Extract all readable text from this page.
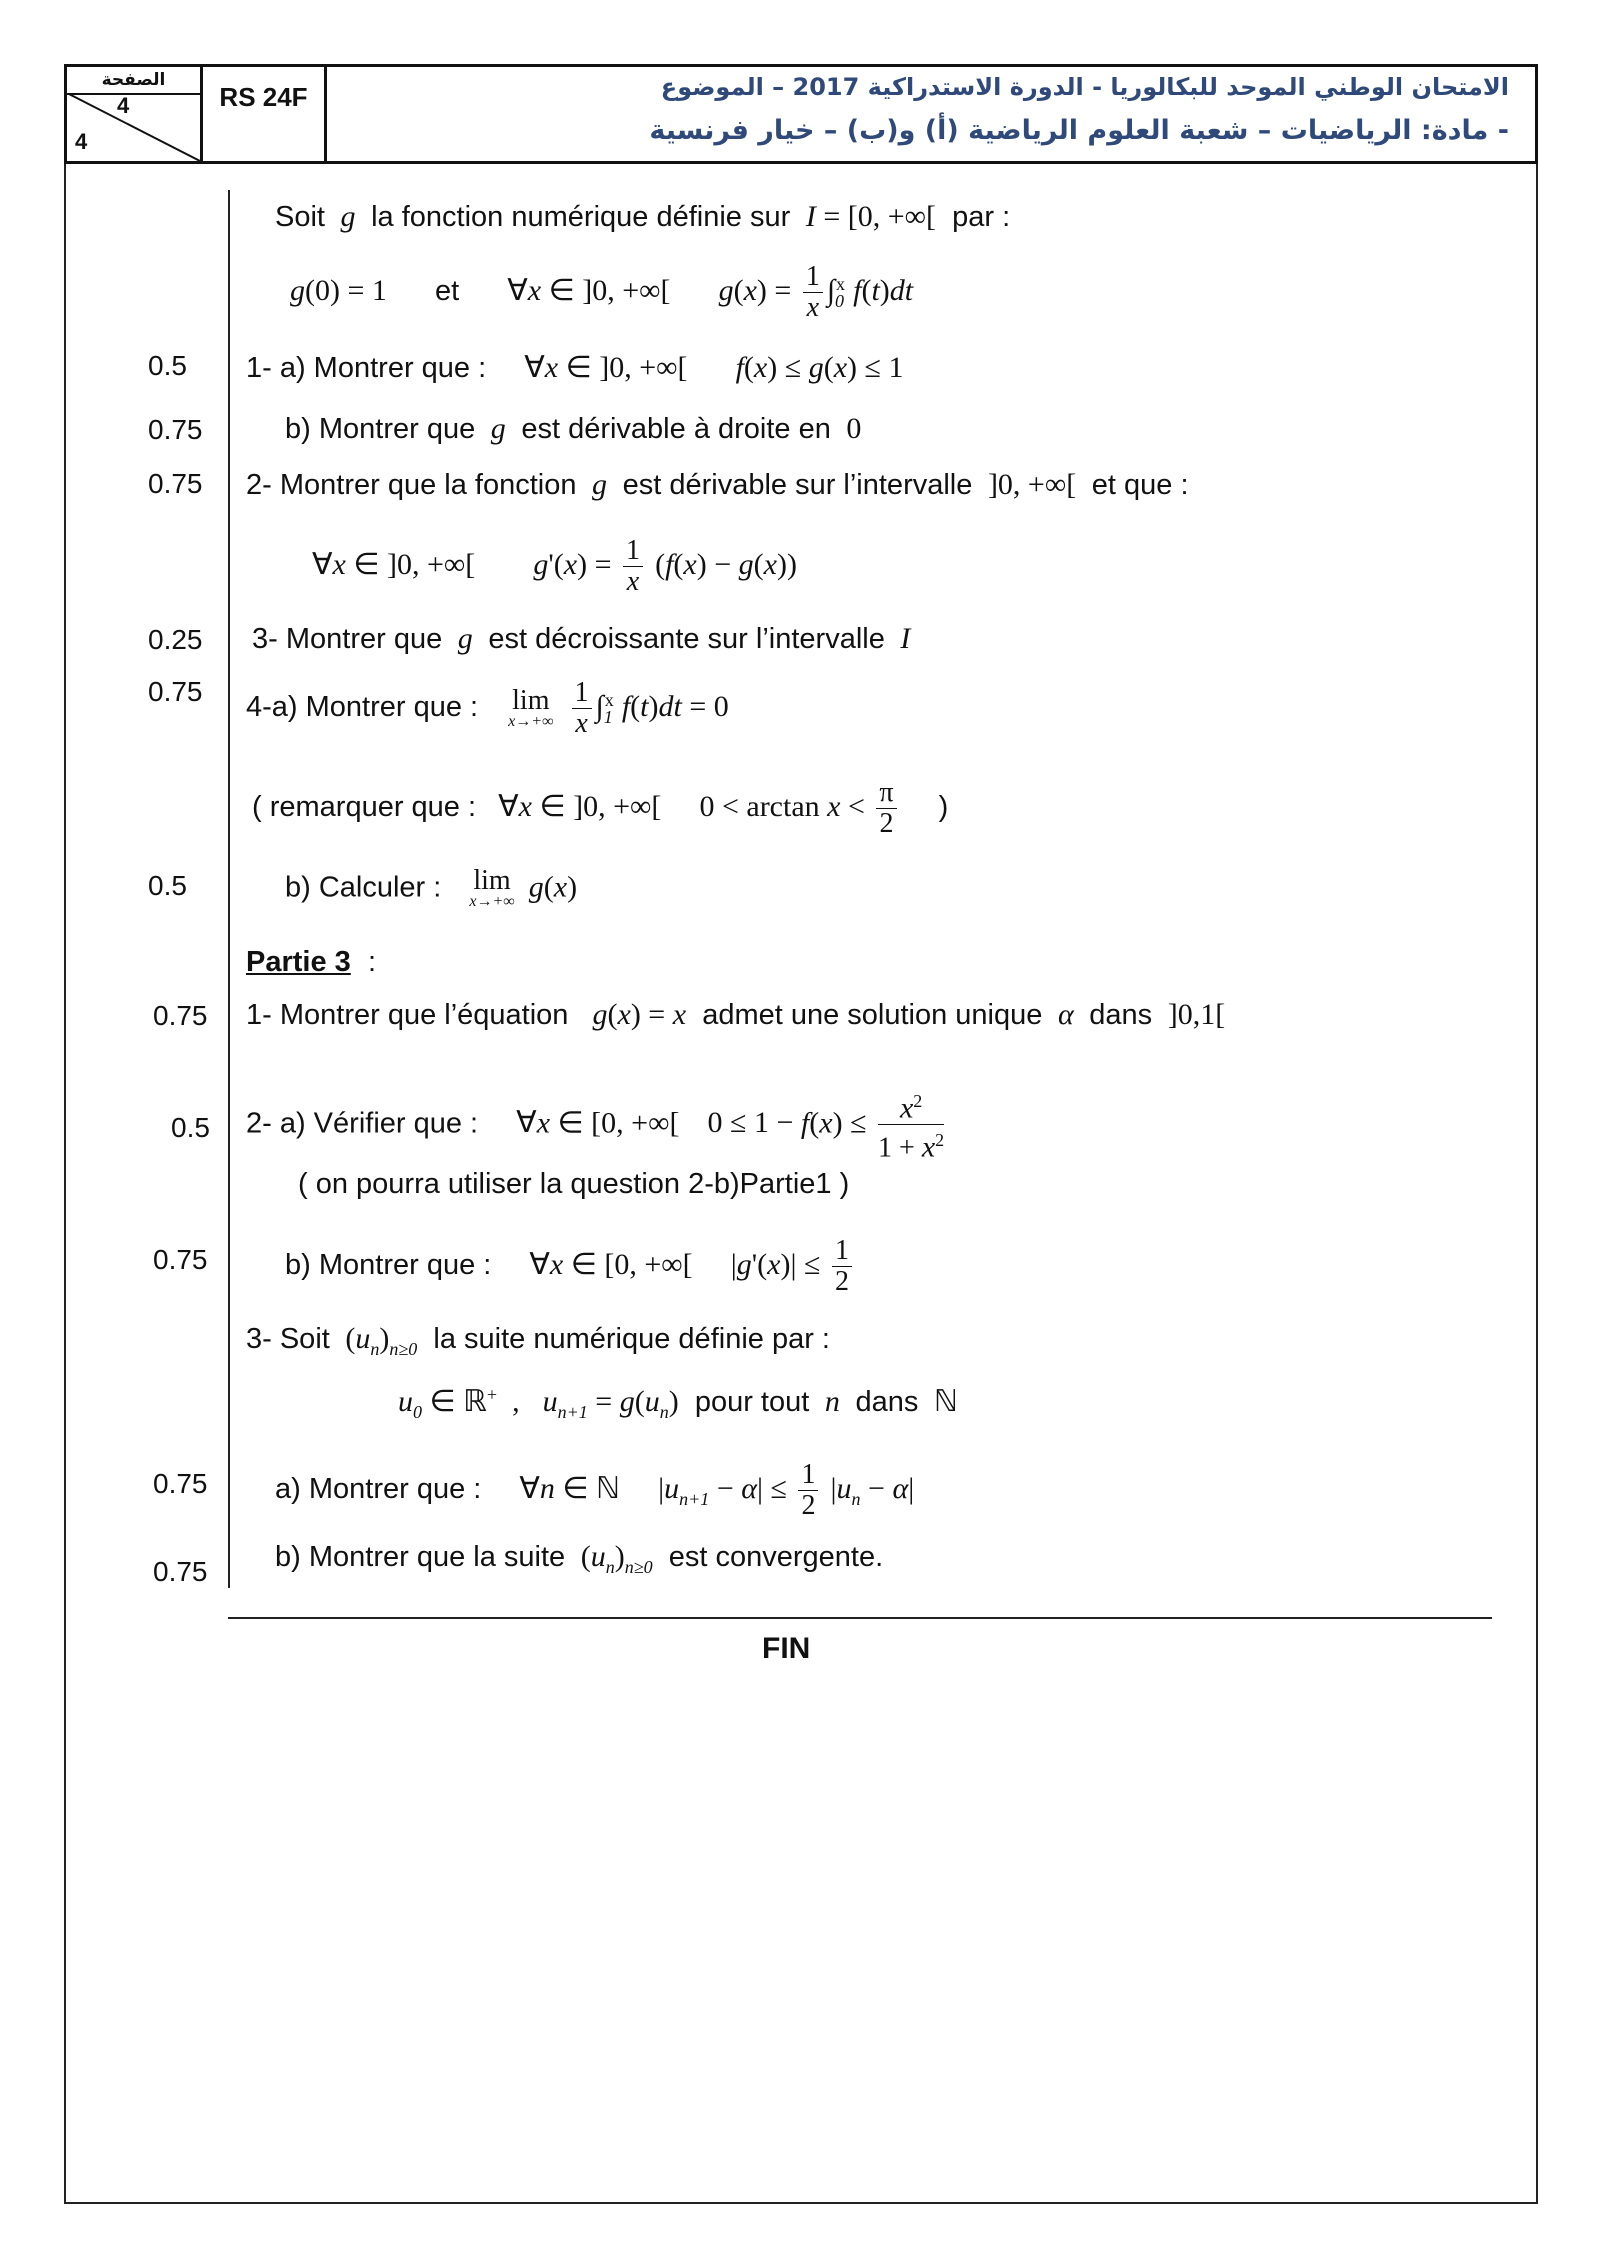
الصفحة
4
4
RS 24F	الامتحان الوطني الموحد للبكالوريا - الدورة الاستدراكية 2017 – الموضوع
- مادة: الرياضيات – شعبة العلوم الرياضية (أ) و(ب) – خيار فرنسية
0.5
0.75
0.75
0.25
0.75
0.5
0.75
0.5
0.75
0.75
0.75
Soit  g  la fonction numérique définie sur  I = [0, +∞[ par :
g(0) = 1 et ∀x ∈ ]0, +∞[ $g(x) = \frac{1}{x} \int_0^x$ f(t)dt
1- a) Montrer que : ∀x ∈ ]0, +∞[ f(x) ≤ g(x) ≤ 1
b) Montrer que  g  est dérivable à droite en  0
2- Montrer que la fonction  g  est dérivable sur l’intervalle  ]0, +∞[  et que :
∀x ∈ ]0, +∞[ $g'(x) = \frac{1}{x} (f(x) - g(x))$
3- Montrer que  g  est décroissante sur l’intervalle  I
4-a) Montrer que : lim
x→+∞
$\frac{1}{x} \int_1^x$ f(t)dt = 0
( remarquer que : ∀x ∈ ]0, +∞[ $0 < \arctan x < \frac{\pi}{2}$ )
b) Calculer : lim
x→+∞ g(x)
Partie 3 :
1- Montrer que l’équation g(x) = x admet une solution unique  α  dans  ]0,1[
2- a) Vérifier que : ∀x ∈ [0, +∞[ $0 \le 1 - f(x) \le \frac{x^2}{1 + x^2}$
( on pourra utiliser la question 2-b)Partie1 )
b) Montrer que : ∀x ∈ [0, +∞[ $|g'(x)| \le \frac{1}{2}$
3- Soit  $(u_n)_{n\ge 0}$ la suite numérique définie par :
$u_0$ ∈ ℝ+  ,   $u_{n+1} = g(u_n)$ pour tout  n  dans  ℕ
a) Montrer que : ∀n ∈ ℕ $|u_{n+1} - \alpha| \le \frac{1}{2} |u_n - \alpha|$
b) Montrer que la suite  $(u_n)_{n\ge 0}$ est convergente.
FIN
